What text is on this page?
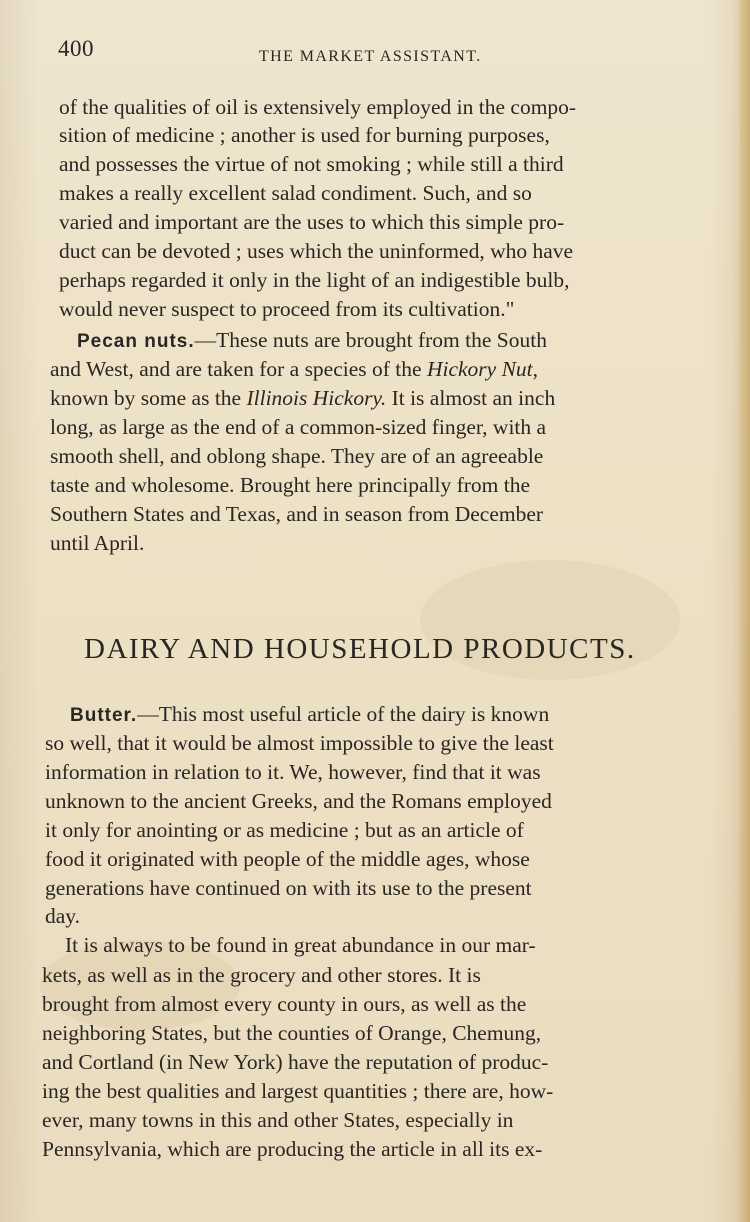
400	THE MARKET ASSISTANT.
of the qualities of oil is extensively employed in the compo-
sition of medicine ; another is used for burning purposes,
and possesses the virtue of not smoking ; while still a third
makes a really excellent salad condiment. Such, and so
varied and important are the uses to which this simple pro-
duct can be devoted ; uses which the uninformed, who have
perhaps regarded it only in the light of an indigestible bulb,
would never suspect to proceed from its cultivation."
Pecan nuts.—These nuts are brought from the South
and West, and are taken for a species of the Hickory Nut,
known by some as the Illinois Hickory. It is almost an inch
long, as large as the end of a common-sized finger, with a
smooth shell, and oblong shape. They are of an agreeable
taste and wholesome. Brought here principally from the
Southern States and Texas, and in season from December
until April.
DAIRY AND HOUSEHOLD PRODUCTS.
Butter.—This most useful article of the dairy is known
so well, that it would be almost impossible to give the least
information in relation to it. We, however, find that it was
unknown to the ancient Greeks, and the Romans employed
it only for anointing or as medicine ; but as an article of
food it originated with people of the middle ages, whose
generations have continued on with its use to the present
day.
It is always to be found in great abundance in our mar-
kets, as well as in the grocery and other stores. It is
brought from almost every county in ours, as well as the
neighboring States, but the counties of Orange, Chemung,
and Cortland (in New York) have the reputation of produc-
ing the best qualities and largest quantities ; there are, how-
ever, many towns in this and other States, especially in
Pennsylvania, which are producing the article in all its ex-
